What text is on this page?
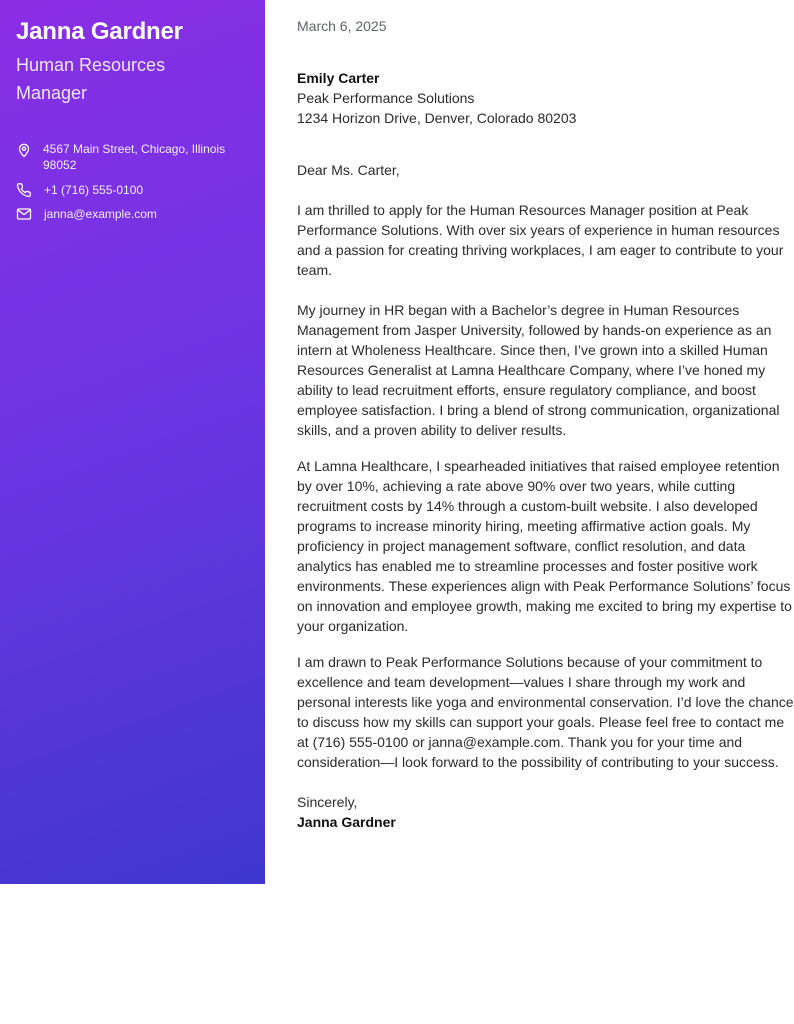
Janna Gardner
Human Resources Manager
4567 Main Street, Chicago, Illinois 98052
+1 (716) 555-0100
janna@example.com
March 6, 2025
Emily Carter
Peak Performance Solutions
1234 Horizon Drive, Denver, Colorado 80203
Dear Ms. Carter,

I am thrilled to apply for the Human Resources Manager position at Peak Performance Solutions. With over six years of experience in human resources and a passion for creating thriving workplaces, I am eager to contribute to your team.

My journey in HR began with a Bachelor’s degree in Human Resources Management from Jasper University, followed by hands-on experience as an intern at Wholeness Healthcare. Since then, I’ve grown into a skilled Human Resources Generalist at Lamna Healthcare Company, where I’ve honed my ability to lead recruitment efforts, ensure regulatory compliance, and boost employee satisfaction. I bring a blend of strong communication, organizational skills, and a proven ability to deliver results.

At Lamna Healthcare, I spearheaded initiatives that raised employee retention by over 10%, achieving a rate above 90% over two years, while cutting recruitment costs by 14% through a custom-built website. I also developed programs to increase minority hiring, meeting affirmative action goals. My proficiency in project management software, conflict resolution, and data analytics has enabled me to streamline processes and foster positive work environments. These experiences align with Peak Performance Solutions’ focus on innovation and employee growth, making me excited to bring my expertise to your organization.

I am drawn to Peak Performance Solutions because of your commitment to excellence and team development—values I share through my work and personal interests like yoga and environmental conservation. I’d love the chance to discuss how my skills can support your goals. Please feel free to contact me at (716) 555-0100 or janna@example.com. Thank you for your time and consideration—I look forward to the possibility of contributing to your success.

Sincerely,
Janna Gardner
